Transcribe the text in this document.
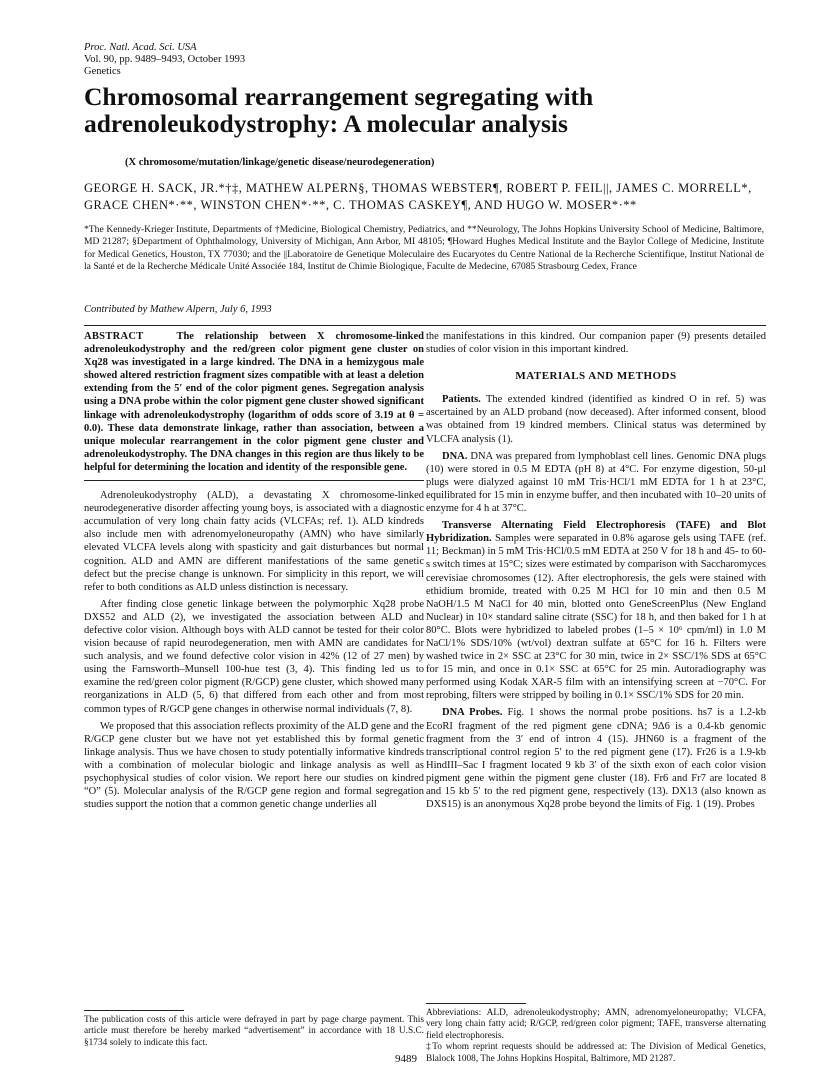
Proc. Natl. Acad. Sci. USA
Vol. 90, pp. 9489–9493, October 1993
Genetics
Chromosomal rearrangement segregating with adrenoleukodystrophy: A molecular analysis
(X chromosome/mutation/linkage/genetic disease/neurodegeneration)
GEORGE H. SACK, JR.*†‡, MATHEW ALPERN§, THOMAS WEBSTER¶, ROBERT P. FEIL||, JAMES C. MORRELL*,
GRACE CHEN*·**, WINSTON CHEN*·**, C. THOMAS CASKEY¶, AND HUGO W. MOSER*·**
*The Kennedy-Krieger Institute, Departments of †Medicine, Biological Chemistry, Pediatrics, and **Neurology, The Johns Hopkins University School of Medicine, Baltimore, MD 21287; §Department of Ophthalmology, University of Michigan, Ann Arbor, MI 48105; ¶Howard Hughes Medical Institute and the Baylor College of Medicine, Institute for Medical Genetics, Houston, TX 77030; and the ||Laboratoire de Genetique Moleculaire des Eucaryotes du Centre National de la Recherche Scientifique, Institut National de la Santé et de la Recherche Médicale Unité Associée 184, Institut de Chimie Biologique, Faculte de Medecine, 67085 Strasbourg Cedex, France
Contributed by Mathew Alpern, July 6, 1993

ABSTRACT	The relationship between X chromosome-linked adrenoleukodystrophy and the red/green color pigment gene cluster on Xq28 was investigated in a large kindred. The DNA in a hemizygous male showed altered restriction fragment sizes compatible with at least a deletion extending from the 5′ end of the color pigment genes. Segregation analysis using a DNA probe within the color pigment gene cluster showed significant linkage with adrenoleukodystrophy (logarithm of odds score of 3.19 at θ = 0.0). These data demonstrate linkage, rather than association, between a unique molecular rearrangement in the color pigment gene cluster and adrenoleukodystrophy. The DNA changes in this region are thus likely to be helpful for determining the location and identity of the responsible gene.

Adrenoleukodystrophy (ALD), a devastating X chromosome-linked neurodegenerative disorder affecting young boys, is associated with a diagnostic accumulation of very long chain fatty acids (VLCFAs; ref. 1). ALD kindreds also include men with adrenomyeloneuropathy (AMN) who have similarly elevated VLCFA levels along with spasticity and gait disturbances but normal cognition. ALD and AMN are different manifestations of the same genetic defect but the precise change is unknown. For simplicity in this report, we will refer to both conditions as ALD unless distinction is necessary.

After finding close genetic linkage between the polymorphic Xq28 probe DXS52 and ALD (2), we investigated the association between ALD and defective color vision. Although boys with ALD cannot be tested for their color vision because of rapid neurodegeneration, men with AMN are candidates for such analysis, and we found defective color vision in 42% (12 of 27 men) by using the Farnsworth–Munsell 100-hue test (3, 4). This finding led us to examine the red/green color pigment (R/GCP) gene cluster, which showed many reorganizations in ALD (5, 6) that differed from each other and from most common types of R/GCP gene changes in otherwise normal individuals (7, 8).

We proposed that this association reflects proximity of the ALD gene and the R/GCP gene cluster but we have not yet established this by formal genetic linkage analysis. Thus we have chosen to study potentially informative kindreds with a combination of molecular biologic and linkage analysis as well as psychophysical studies of color vision. We report here our studies on kindred “O” (5). Molecular analysis of the R/GCP gene region and formal segregation studies support the notion that a common genetic change underlies all

the manifestations in this kindred. Our companion paper (9) presents detailed studies of color vision in this important kindred.

MATERIALS AND METHODS

Patients. The extended kindred (identified as kindred O in ref. 5) was ascertained by an ALD proband (now deceased). After informed consent, blood was obtained from 19 kindred members. Clinical status was determined by VLCFA analysis (1).

DNA. DNA was prepared from lymphoblast cell lines. Genomic DNA plugs (10) were stored in 0.5 M EDTA (pH 8) at 4°C. For enzyme digestion, 50-μl plugs were dialyzed against 10 mM Tris·HCl/1 mM EDTA for 1 h at 23°C, equilibrated for 15 min in enzyme buffer, and then incubated with 10–20 units of enzyme for 4 h at 37°C.

Transverse Alternating Field Electrophoresis (TAFE) and Blot Hybridization. Samples were separated in 0.8% agarose gels using TAFE (ref. 11; Beckman) in 5 mM Tris·HCl/0.5 mM EDTA at 250 V for 18 h and 45- to 60-s switch times at 15°C; sizes were estimated by comparison with Saccharomyces cerevisiae chromosomes (12). After electrophoresis, the gels were stained with ethidium bromide, treated with 0.25 M HCl for 10 min and then 0.5 M NaOH/1.5 M NaCl for 40 min, blotted onto GeneScreenPlus (New England Nuclear) in 10× standard saline citrate (SSC) for 18 h, and then baked for 1 h at 80°C. Blots were hybridized to labeled probes (1–5 × 10⁶ cpm/ml) in 1.0 M NaCl/1% SDS/10% (wt/vol) dextran sulfate at 65°C for 16 h. Filters were washed twice in 2× SSC at 23°C for 30 min, twice in 2× SSC/1% SDS at 65°C for 15 min, and once in 0.1× SSC at 65°C for 25 min. Autoradiography was performed using Kodak XAR-5 film with an intensifying screen at −70°C. For reprobing, filters were stripped by boiling in 0.1× SSC/1% SDS for 20 min.

DNA Probes. Fig. 1 shows the normal probe positions. hs7 is a 1.2-kb EcoRI fragment of the red pigment gene cDNA; 9Δ6 is a 0.4-kb genomic fragment from the 3′ end of intron 4 (15). JHN60 is a fragment of the transcriptional control region 5′ to the red pigment gene (17). Fr26 is a 1.9-kb HindIII–Sac I fragment located 9 kb 3′ of the sixth exon of each color vision pigment gene within the pigment gene cluster (18). Fr6 and Fr7 are located 8 and 15 kb 5′ to the red pigment gene, respectively (13). DX13 (also known as DXS15) is an anonymous Xq28 probe beyond the limits of Fig. 1 (19). Probes

The publication costs of this article were defrayed in part by page charge payment. This article must therefore be hereby marked “advertisement” in accordance with 18 U.S.C. §1734 solely to indicate this fact.
Abbreviations: ALD, adrenoleukodystrophy; AMN, adrenomyeloneuropathy; VLCFA, very long chain fatty acid; R/GCP, red/green color pigment; TAFE, transverse alternating field electrophoresis.
‡To whom reprint requests should be addressed at: The Division of Medical Genetics, Blalock 1008, The Johns Hopkins Hospital, Baltimore, MD 21287.
9489
